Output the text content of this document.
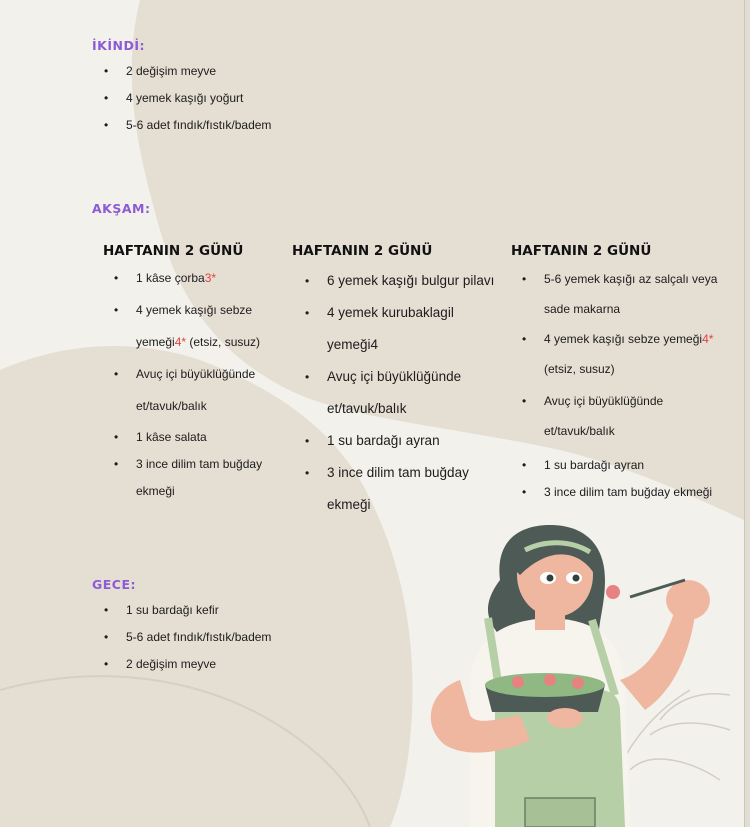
İKİNDİ:
• 2 değişim meyve
• 4 yemek kaşığı yoğurt
• 5-6 adet fındık/fıstık/badem
AKŞAM:
HAFTANIN 2 GÜNÜ
• 1 kâse çorba3*
• 4 yemek kaşığı sebze yemeği4* (etsiz, susuz)
• Avuç içi büyüklüğünde et/tavuk/balık
• 1 kâse salata
• 3 ince dilim tam buğday ekmeği
HAFTANIN 2 GÜNÜ
• 6 yemek kaşığı bulgur pilavı
• 4 yemek kurubaklagil yemeği4
• Avuç içi büyüklüğünde et/tavuk/balık
• 1 su bardağı ayran
• 3 ince dilim tam buğday ekmeği
HAFTANIN 2 GÜNÜ
• 5-6 yemek kaşığı az salçalı veya sade makarna
• 4 yemek kaşığı sebze yemeği4* (etsiz, susuz)
• Avuç içi büyüklüğünde et/tavuk/balık
• 1 su bardağı ayran
• 3 ince dilim tam buğday ekmeği
GECE:
• 1 su bardağı kefir
• 5-6 adet fındık/fıstık/badem
• 2 değişim meyve
